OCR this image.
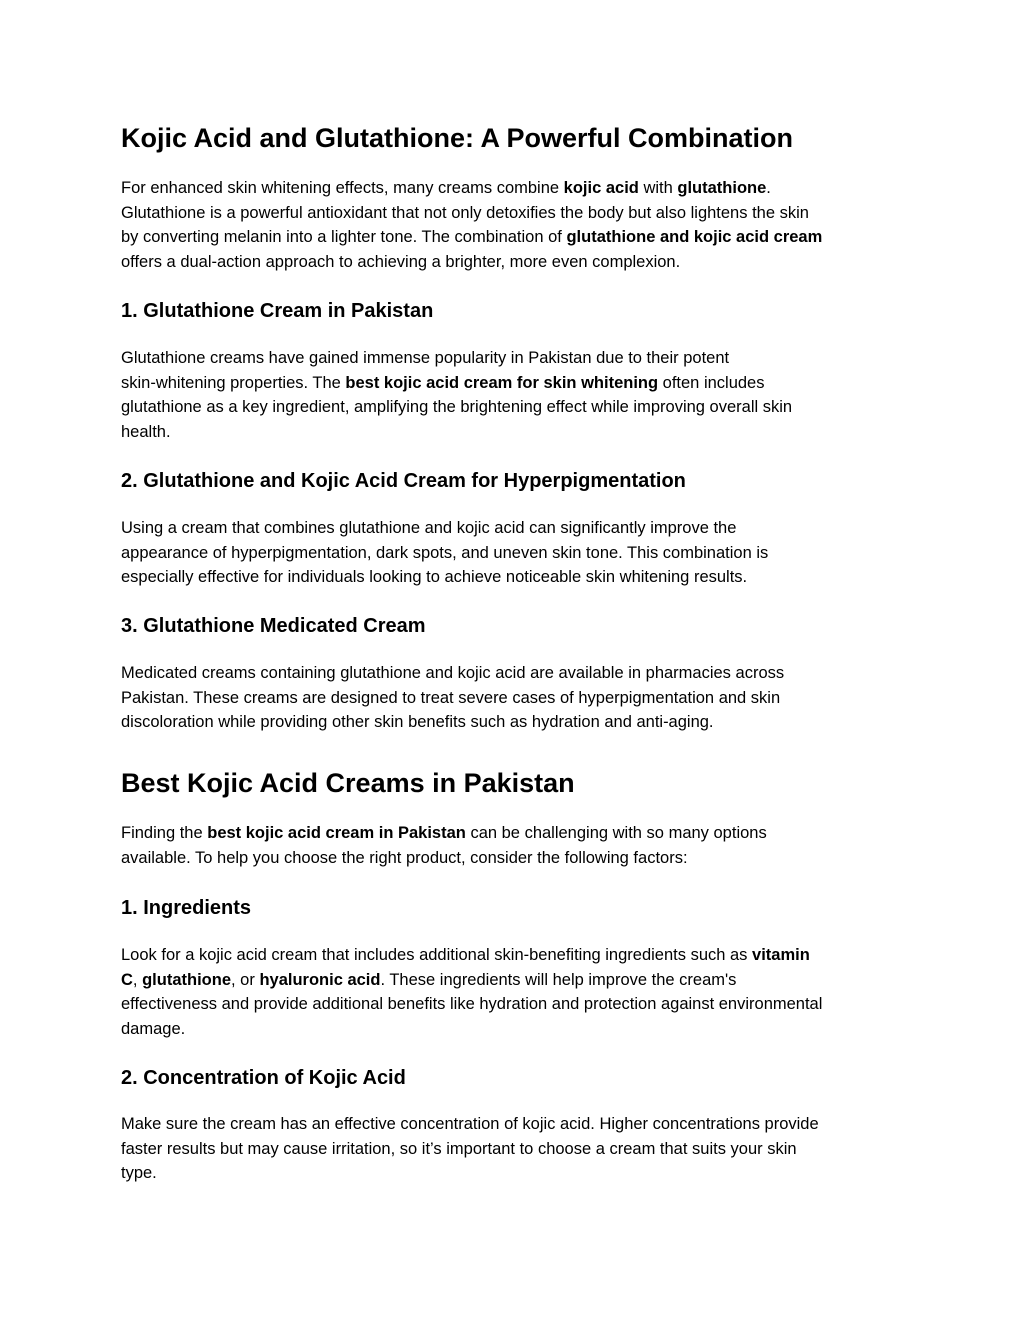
Kojic Acid and Glutathione: A Powerful Combination
For enhanced skin whitening effects, many creams combine kojic acid with glutathione.
Glutathione is a powerful antioxidant that not only detoxifies the body but also lightens the skin
by converting melanin into a lighter tone. The combination of glutathione and kojic acid cream
offers a dual-action approach to achieving a brighter, more even complexion.
1. Glutathione Cream in Pakistan
Glutathione creams have gained immense popularity in Pakistan due to their potent
skin-whitening properties. The best kojic acid cream for skin whitening often includes
glutathione as a key ingredient, amplifying the brightening effect while improving overall skin
health.
2. Glutathione and Kojic Acid Cream for Hyperpigmentation
Using a cream that combines glutathione and kojic acid can significantly improve the
appearance of hyperpigmentation, dark spots, and uneven skin tone. This combination is
especially effective for individuals looking to achieve noticeable skin whitening results.
3. Glutathione Medicated Cream
Medicated creams containing glutathione and kojic acid are available in pharmacies across
Pakistan. These creams are designed to treat severe cases of hyperpigmentation and skin
discoloration while providing other skin benefits such as hydration and anti-aging.
Best Kojic Acid Creams in Pakistan
Finding the best kojic acid cream in Pakistan can be challenging with so many options
available. To help you choose the right product, consider the following factors:
1. Ingredients
Look for a kojic acid cream that includes additional skin-benefiting ingredients such as vitamin
C, glutathione, or hyaluronic acid. These ingredients will help improve the cream's
effectiveness and provide additional benefits like hydration and protection against environmental
damage.
2. Concentration of Kojic Acid
Make sure the cream has an effective concentration of kojic acid. Higher concentrations provide
faster results but may cause irritation, so it’s important to choose a cream that suits your skin
type.
